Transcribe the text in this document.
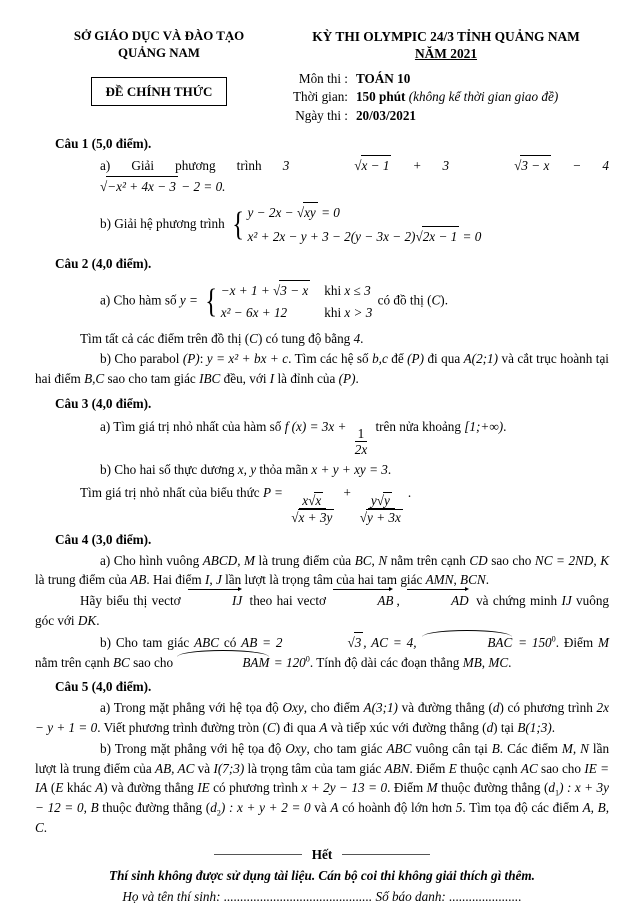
SỞ GIÁO DỤC VÀ ĐÀO TẠO
QUẢNG NAM
ĐỀ CHÍNH THỨC
KỲ THI OLYMPIC 24/3 TỈNH QUẢNG NAM
NĂM 2021
Môn thi :	TOÁN 10
Thời gian:	150 phút (không kể thời gian giao đề)
Ngày thi :	20/03/2021

Câu 1 (5,0 điểm).

a) Giải phương trình 3	√x − 1 + 3	√3 − x − 4√−x² + 4x − 3 − 2 = 0.

b) Giải hệ phương trình { y − 2x − √xy = 0
x² + 2x − y + 3 − 2(y − 3x − 2)√2x − 1 = 0

Câu 2 (4,0 điểm).

a) Cho hàm số y = { −x + 1 + √3 − x	khi x ≤ 3
x² − 6x + 12	khi x > 3
có đồ thị (C).

Tìm tất cả các điểm trên đồ thị (C) có tung độ bằng 4.

b) Cho parabol (P): y = x² + bx + c. Tìm các hệ số b,c để (P) đi qua A(2;1) và cắt trục hoành tại hai điểm B,C sao cho tam giác IBC đều, với I là đỉnh của (P).

Câu 3 (4,0 điểm).

a) Tìm giá trị nhỏ nhất của hàm số f $(x) = 3x + \frac{1}{2x}$ trên nửa khoảng [1;+∞).

b) Cho hai số thực dương x, y thỏa mãn x + y + xy = 3.

Tìm giá trị nhỏ nhất của biểu thức $P = \frac{x√x}{√x + 3y} + \frac{y√y}{√y + 3x}$ .

Câu 4 (3,0 điểm).

a) Cho hình vuông ABCD, M là trung điểm của BC, N nằm trên cạnh CD sao cho NC = 2ND, K là trung điểm của AB. Hai điểm I, J lần lượt là trọng tâm của hai tam giác AMN, BCN.

Hãy biểu thị vectơ	IJ theo hai vectơ	AB ,	AD và chứng minh IJ vuông góc với DK.

b) Cho tam giác ABC có AB = 2	√3 , AC = 4,	BAC = $150^0$. Điểm M nằm trên cạnh BC sao cho	BAM = $120^0$. Tính độ dài các đoạn thẳng MB, MC.

Câu 5 (4,0 điểm).

a) Trong mặt phẳng với hệ tọa độ Oxy, cho điểm A(3;1) và đường thẳng (d) có phương trình 2x − y + 1 = 0. Viết phương trình đường tròn (C) đi qua A và tiếp xúc với đường thẳng (d) tại B(1;3).

b) Trong mặt phẳng với hệ tọa độ Oxy, cho tam giác ABC vuông cân tại B. Các điểm M, N lần lượt là trung điểm của AB, AC và I(7;3) là trọng tâm của tam giác ABN. Điểm E thuộc cạnh AC sao cho IE = IA (E khác A) và đường thẳng IE có phương trình x + 2y − 13 = 0. Điểm M thuộc đường thẳng $(d_1)$ : x + 3y − 12 = 0, B thuộc đường thẳng $(d_2)$ : x + y + 2 = 0 và A có hoành độ lớn hơn 5. Tìm tọa độ các điểm A, B, C.

Hết

Thí sinh không được sử dụng tài liệu. Cán bộ coi thi không giải thích gì thêm.

Họ và tên thí sinh: ............................................. Số báo danh: ......................
